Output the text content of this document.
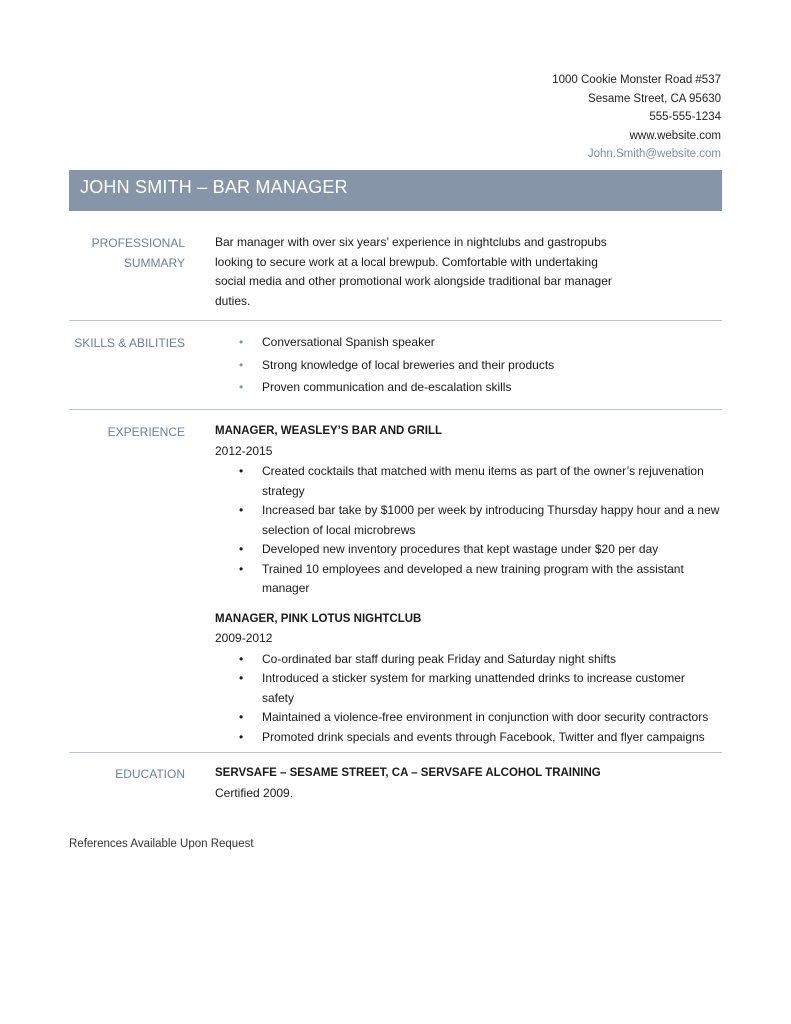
1000 Cookie Monster Road #537
Sesame Street, CA 95630
555-555-1234
www.website.com
John.Smith@website.com
JOHN SMITH – BAR MANAGER
PROFESSIONAL
SUMMARY
Bar manager with over six years’ experience in nightclubs and gastropubs looking to secure work at a local brewpub. Comfortable with undertaking social media and other promotional work alongside traditional bar manager duties.
SKILLS & ABILITIES
•	Conversational Spanish speaker
• Strong knowledge of local breweries and their products
• Proven communication and de-escalation skills
EXPERIENCE	MANAGER, WEASLEY’S BAR AND GRILL
2012-2015
• Created cocktails that matched with menu items as part of the owner’s rejuvenation strategy
• Increased bar take by $1000 per week by introducing Thursday happy hour and a new selection of local microbrews
• Developed new inventory procedures that kept wastage under $20 per day
• Trained 10 employees and developed a new training program with the assistant manager
MANAGER, PINK LOTUS NIGHTCLUB
2009-2012
• Co-ordinated bar staff during peak Friday and Saturday night shifts
• Introduced a sticker system for marking unattended drinks to increase customer safety
• Maintained a violence-free environment in conjunction with door security contractors
• Promoted drink specials and events through Facebook, Twitter and flyer campaigns
EDUCATION	SERVSAFE – SESAME STREET, CA – SERVSAFE ALCOHOL TRAINING
Certified 2009.
References Available Upon Request
